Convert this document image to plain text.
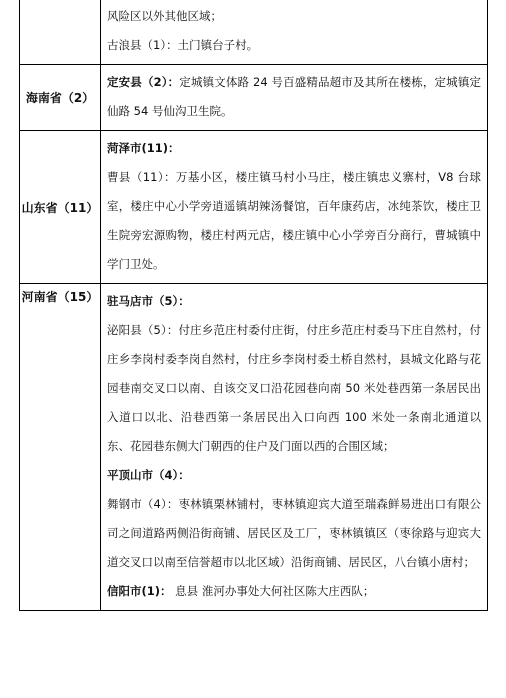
	风险区以外其他区域；
古浪县（1）：土门镇台子村。

海南省（2）	定安县（2）：定城镇文体路 24 号百盛精品超市及其所在楼栋，定城镇定仙路 54 号仙沟卫生院。
山东省（11）	菏泽市(11)：
曹县（11）：万基小区，楼庄镇马村小马庄，楼庄镇忠义寨村，V8 台球室，楼庄中心小学旁逍遥镇胡辣汤餐馆，百年康药店，冰纯茶饮，楼庄卫生院旁宏源购物，楼庄村两元店，楼庄镇中心小学旁百分商行，曹城镇中学门卫处。

河南省（15）	驻马店市（5）：
泌阳县（5）：付庄乡范庄村委付庄街，付庄乡范庄村委马下庄自然村，付庄乡李岗村委李岗自然村，付庄乡李岗村委土桥自然村，县城文化路与花园巷南交叉口以南、自该交叉口沿花园巷向南 50 米处巷西第一条居民出入道口以北、沿巷西第一条居民出入口向西 100 米处一条南北通道以东、花园巷东侧大门朝西的住户及门面以西的合围区域；
平顶山市（4）：
舞钢市（4）：枣林镇栗林铺村，枣林镇迎宾大道至瑞森鲜易进出口有限公司之间道路两侧沿街商铺、居民区及工厂，枣林镇镇区（枣徐路与迎宾大道交叉口以南至信誉超市以北区域）沿街商铺、居民区，八台镇小唐村；
信阳市(1)： 息县 淮河办事处大何社区陈大庄西队；
